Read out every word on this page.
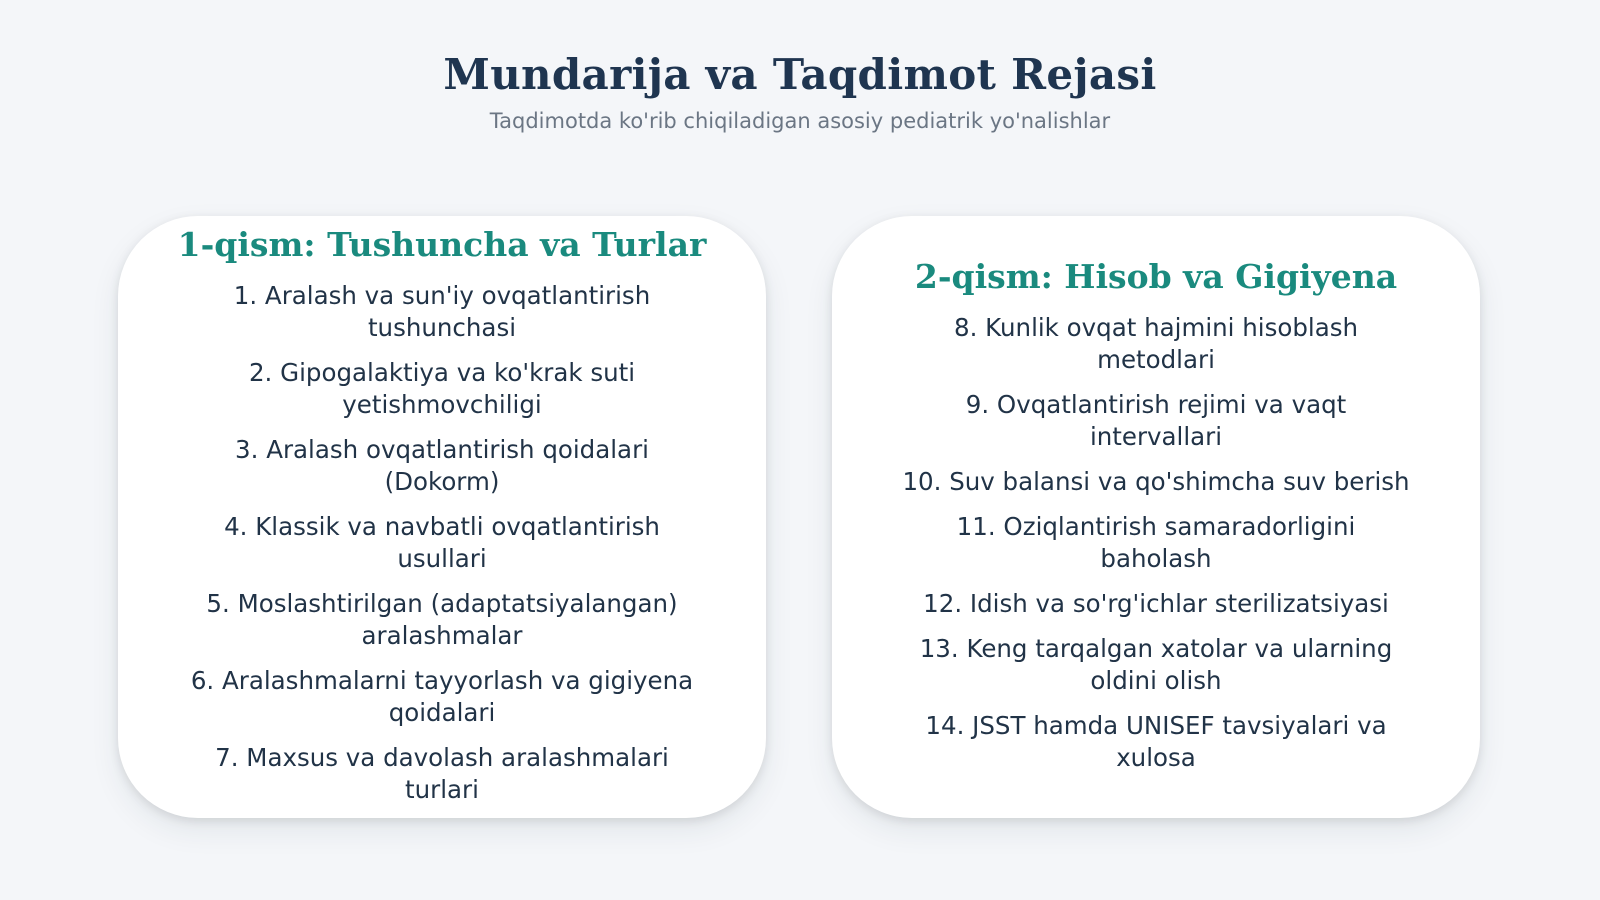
Mundarija va Taqdimot Rejasi
Taqdimotda ko'rib chiqiladigan asosiy pediatrik yo'nalishlar
1-qism: Tushuncha va Turlar
1. Aralash va sun'iy ovqatlantirish tushunchasi
2. Gipogalaktiya va ko'krak suti yetishmovchiligi
3. Aralash ovqatlantirish qoidalari (Dokorm)
4. Klassik va navbatli ovqatlantirish usullari
5. Moslashtirilgan (adaptatsiyalangan) aralashmalar
6. Aralashmalarni tayyorlash va gigiyena qoidalari
7. Maxsus va davolash aralashmalari turlari
2-qism: Hisob va Gigiyena
8. Kunlik ovqat hajmini hisoblash metodlari
9. Ovqatlantirish rejimi va vaqt intervallari
10. Suv balansi va qo'shimcha suv berish
11. Oziqlantirish samaradorligini baholash
12. Idish va so'rg'ichlar sterilizatsiyasi
13. Keng tarqalgan xatolar va ularning oldini olish
14. JSST hamda UNISEF tavsiyalari va xulosa
